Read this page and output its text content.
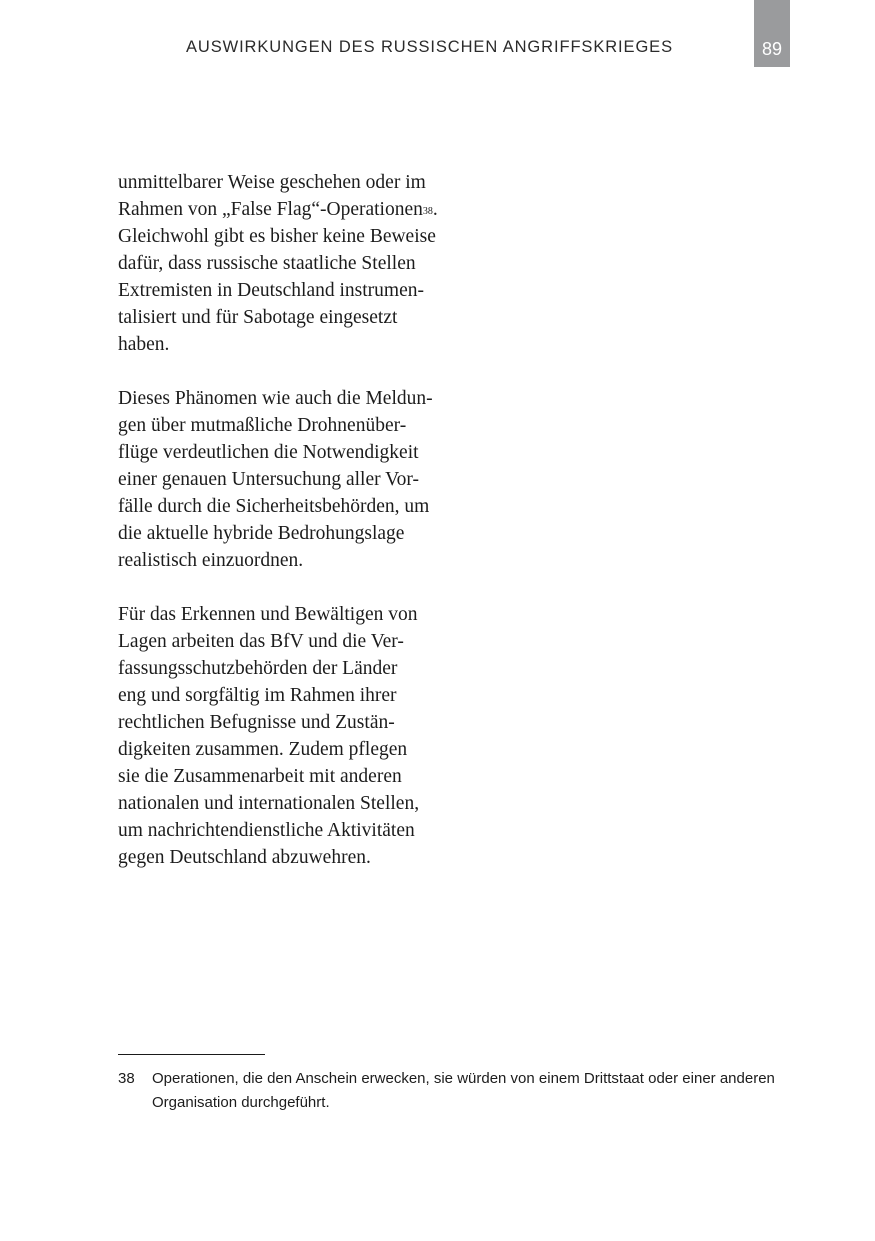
AUSWIRKUNGEN DES RUSSISCHEN ANGRIFFSKRIEGES	89

unmittelbarer Weise geschehen oder im
Rahmen von „False Flag“-Operationen$^{38}$.
Gleichwohl gibt es bisher keine Beweise
dafür, dass russische staatliche Stellen
Extremisten in Deutschland instrumen-
talisiert und für Sabotage eingesetzt
haben.

Dieses Phänomen wie auch die Meldun-
gen über mutmaßliche Drohnenüber-
flüge verdeutlichen die Notwendigkeit
einer genauen Untersuchung aller Vor-
fälle durch die Sicherheitsbehörden, um
die aktuelle hybride Bedrohungslage
realistisch einzuordnen.

Für das Erkennen und Bewältigen von
Lagen arbeiten das BfV und die Ver-
fassungsschutzbehörden der Länder
eng und sorgfältig im Rahmen ihrer
rechtlichen Befugnisse und Zustän-
digkeiten zusammen. Zudem pflegen
sie die Zusammenarbeit mit anderen
nationalen und internationalen Stellen,
um nachrichtendienstliche Aktivitäten
gegen Deutschland abzuwehren.

38 Operationen, die den Anschein erwecken, sie würden von einem Drittstaat oder einer anderen
Organisation durchgeführt.
